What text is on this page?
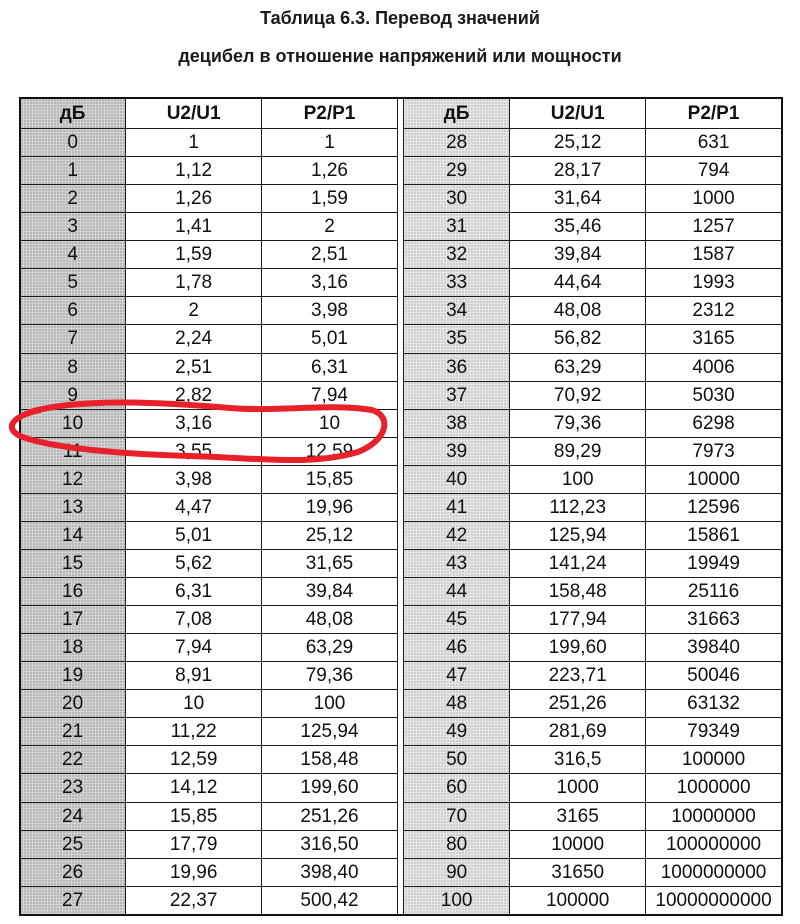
Таблица 6.3. Перевод значений
децибел в отношение напряжений или мощности
дБ	U2/U1	P2/P1		дБ	U2/U1	P2/P1
0	1	1		28	25,12	631
1	1,12	1,26		29	28,17	794
2	1,26	1,59		30	31,64	1000
3	1,41	2		31	35,46	1257
4	1,59	2,51		32	39,84	1587
5	1,78	3,16		33	44,64	1993
6	2	3,98		34	48,08	2312
7	2,24	5,01		35	56,82	3165
8	2,51	6,31		36	63,29	4006
9	2,82	7,94		37	70,92	5030
10	3,16	10		38	79,36	6298
11	3,55	12,59		39	89,29	7973
12	3,98	15,85		40	100	10000
13	4,47	19,96		41	112,23	12596
14	5,01	25,12		42	125,94	15861
15	5,62	31,65		43	141,24	19949
16	6,31	39,84		44	158,48	25116
17	7,08	48,08		45	177,94	31663
18	7,94	63,29		46	199,60	39840
19	8,91	79,36		47	223,71	50046
20	10	100		48	251,26	63132
21	11,22	125,94		49	281,69	79349
22	12,59	158,48		50	316,5	100000
23	14,12	199,60		60	1000	1000000
24	15,85	251,26		70	3165	10000000
25	17,79	316,50		80	10000	100000000
26	19,96	398,40		90	31650	1000000000
27	22,37	500,42		100	100000	10000000000
